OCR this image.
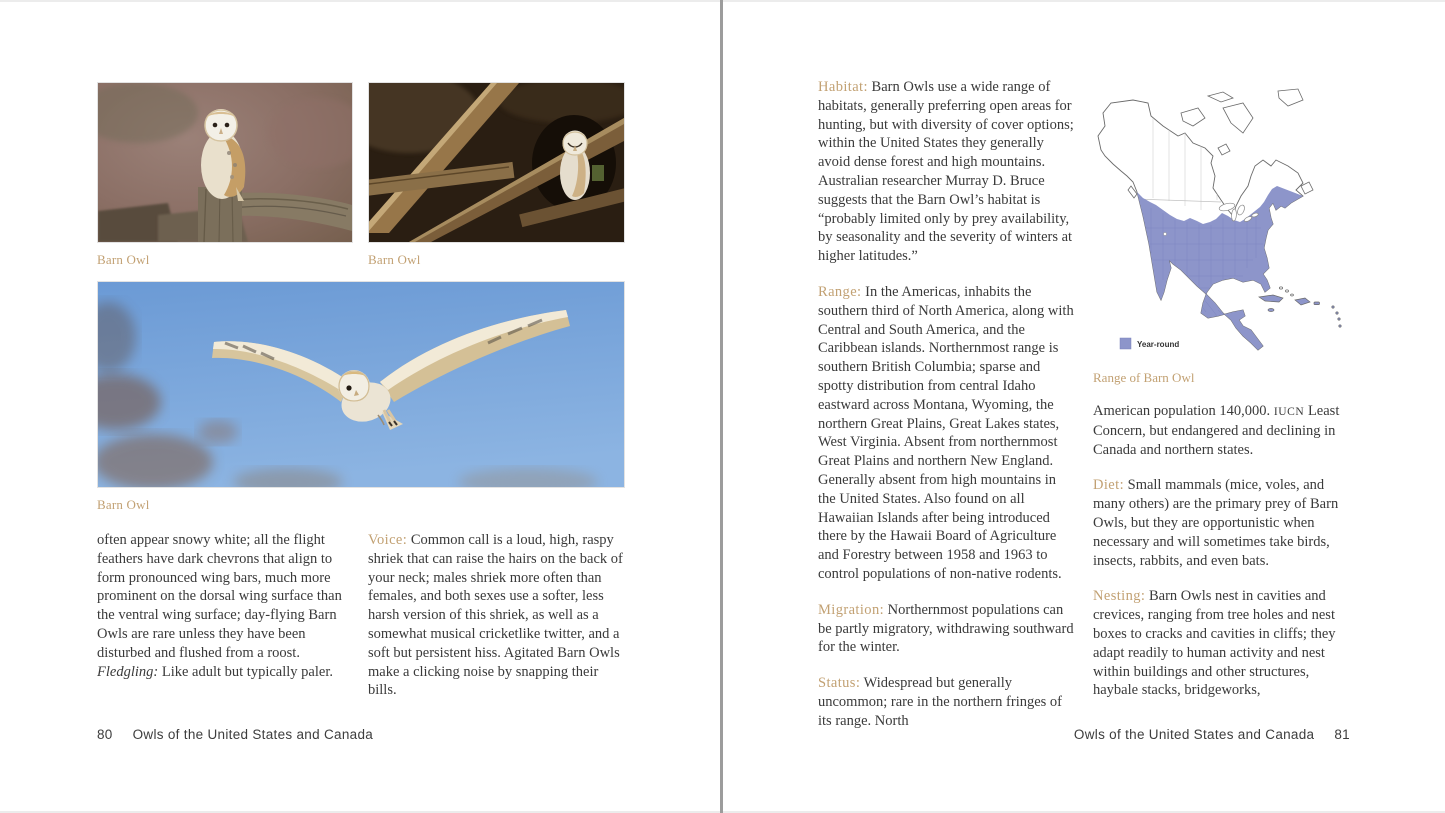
Barn Owl	Barn Owl
Barn Owl

often appear snowy white; all the flight feathers have dark chevrons that align to form pronounced wing bars, much more prominent on the dorsal wing surface than the ventral wing surface; day-flying Barn Owls are rare unless they have been disturbed and flushed from a roost. Fledgling: Like adult but typically paler.

Voice: Common call is a loud, high, raspy shriek that can raise the hairs on the back of your neck; males shriek more often than females, and both sexes use a softer, less harsh version of this shriek, as well as a somewhat musical cricketlike twitter, and a soft but persistent hiss. Agitated Barn Owls make a clicking noise by snapping their bills.

80 Owls of the United States and Canada

Habitat: Barn Owls use a wide range of habitats, generally preferring open areas for hunting, but with diversity of cover options; within the United States they generally avoid dense forest and high mountains. Australian researcher Murray D. Bruce suggests that the Barn Owl’s habitat is “probably limited only by prey availability, by seasonality and the severity of winters at higher latitudes.”

Range: In the Americas, inhabits the southern third of North America, along with Central and South America, and the Caribbean islands. Northernmost range is southern British Columbia; sparse and spotty distribution from central Idaho eastward across Montana, Wyoming, the northern Great Plains, Great Lakes states, West Virginia. Absent from northernmost Great Plains and northern New England. Generally absent from high mountains in the United States. Also found on all Hawaiian Islands after being introduced there by the Hawaii Board of Agriculture and Forestry between 1958 and 1963 to control populations of non-native rodents.

Migration: Northernmost populations can be partly migratory, withdrawing southward for the winter.

Status: Widespread but generally uncommon; rare in the northern fringes of its range. North

Year-round
Range of Barn Owl

American population 140,000. IUCN Least Concern, but endangered and declining in Canada and northern states.

Diet: Small mammals (mice, voles, and many others) are the primary prey of Barn Owls, but they are opportunistic when necessary and will sometimes take birds, insects, rabbits, and even bats.

Nesting: Barn Owls nest in cavities and crevices, ranging from tree holes and nest boxes to cracks and cavities in cliffs; they adapt readily to human activity and nest within buildings and other structures, haybale stacks, bridgeworks,

Owls of the United States and Canada 81
